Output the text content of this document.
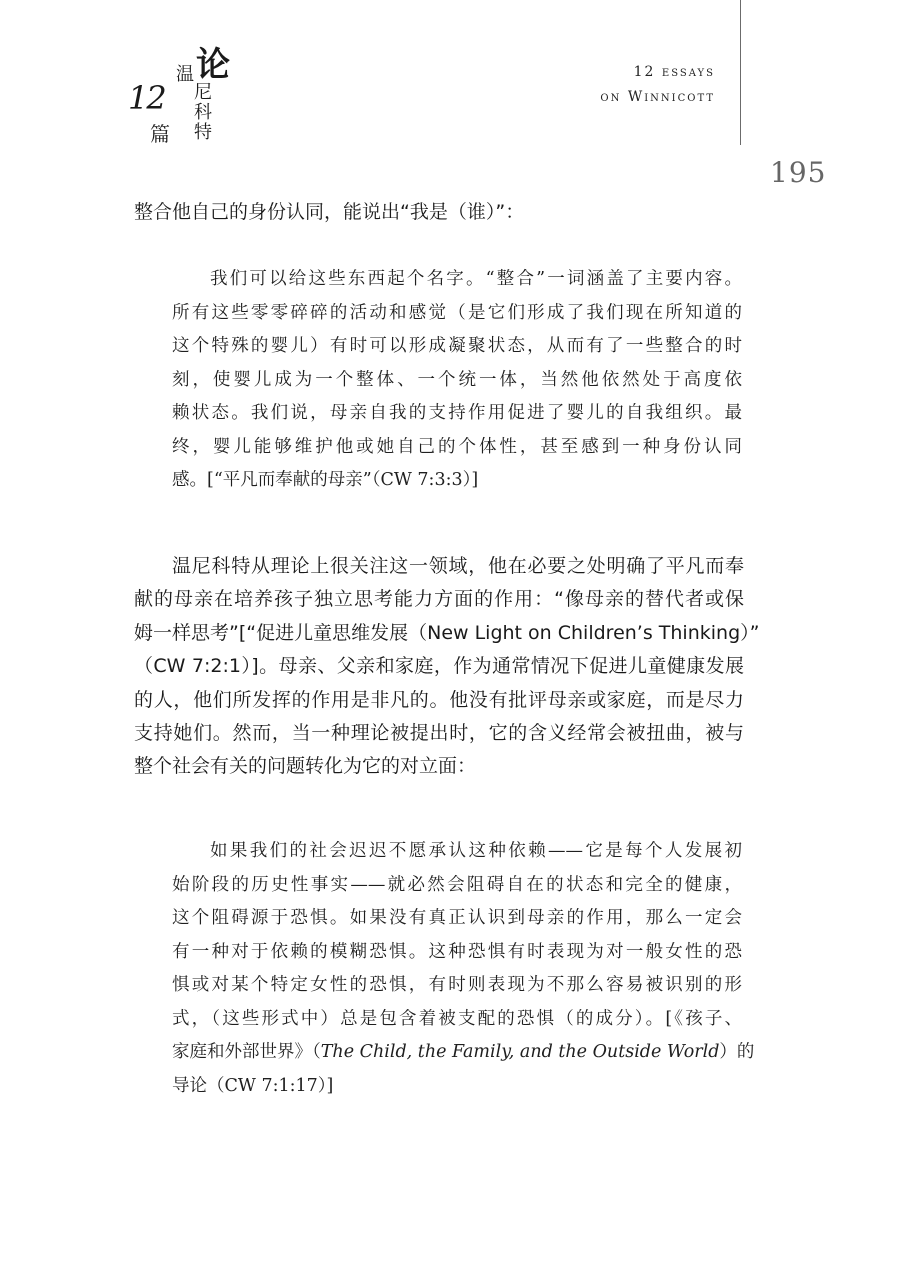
论
12
温
尼
科
特
篇
12 essays
on Winnicott
195
整合他自己的身份认同，能说出“我是（谁）”：
我们可以给这些东西起个名字。“整合”一词涵盖了主要内容。
所有这些零零碎碎的活动和感觉（是它们形成了我们现在所知道的
这个特殊的婴儿）有时可以形成凝聚状态，从而有了一些整合的时
刻，使婴儿成为一个整体、一个统一体，当然他依然处于高度依
赖状态。我们说，母亲自我的支持作用促进了婴儿的自我组织。最
终，婴儿能够维护他或她自己的个体性，甚至感到一种身份认同
感。[“平凡而奉献的母亲”（CW 7:3:3）]
温尼科特从理论上很关注这一领域，他在必要之处明确了平凡而奉
献的母亲在培养孩子独立思考能力方面的作用：“像母亲的替代者或保
姆一样思考”[“促进儿童思维发展（New Light on Children’s Thinking）”
（CW 7:2:1）]。母亲、父亲和家庭，作为通常情况下促进儿童健康发展
的人，他们所发挥的作用是非凡的。他没有批评母亲或家庭，而是尽力
支持她们。然而，当一种理论被提出时，它的含义经常会被扭曲，被与
整个社会有关的问题转化为它的对立面：
如果我们的社会迟迟不愿承认这种依赖——它是每个人发展初
始阶段的历史性事实——就必然会阻碍自在的状态和完全的健康，
这个阻碍源于恐惧。如果没有真正认识到母亲的作用，那么一定会
有一种对于依赖的模糊恐惧。这种恐惧有时表现为对一般女性的恐
惧或对某个特定女性的恐惧，有时则表现为不那么容易被识别的形
式，（这些形式中）总是包含着被支配的恐惧（的成分）。[《孩子、
家庭和外部世界》（The Child, the Family, and the Outside World）的
导论（CW 7:1:17）]
